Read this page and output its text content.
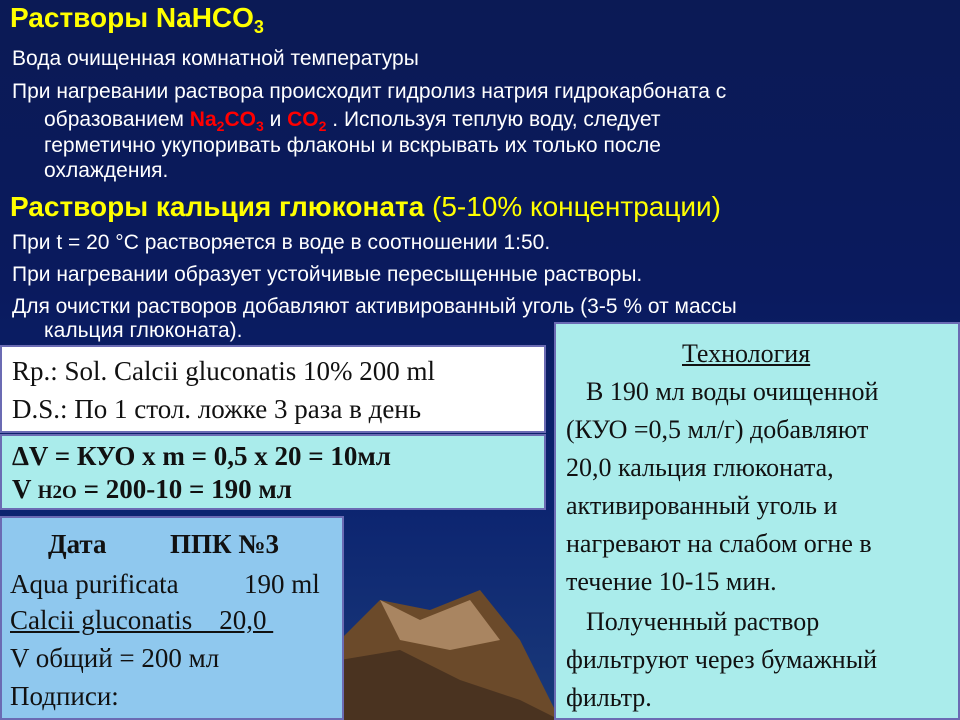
Растворы NaHCO$_3$
Вода очищенная комнатной температуры
При нагревании раствора происходит гидролиз натрия гидрокарбоната с
образованием $Na_2CO_3$ и $CO_2$ . Используя теплую воду, следует
герметично укупоривать флаконы и вскрывать их только после
охлаждения.
Растворы кальция глюконата (5-10% концентрации)
При t = 20 °С растворяется в воде в соотношении 1:50.
При нагревании образует устойчивые пересыщенные растворы.
Для очистки растворов добавляют активированный уголь (3-5 % от массы
кальция глюконата).
Rp.: Sol. Calcii gluconatis 10% 200 ml
D.S.: По 1 стол. ложке 3 раза в день
ΔV = КУО х m = 0,5 х 20 = 10мл
V H2O = 200-10 = 190 мл
Дата ППК №3
Aqua purificata 190 ml
Calcii gluconatis    20,0
V общий = 200 мл
Подписи:
Технология
В 190 мл воды очищенной
(КУО =0,5 мл/г) добавляют
20,0 кальция глюконата,
активированный уголь и
нагревают на слабом огне в
течение 10-15 мин.
Полученный раствор
фильтруют через бумажный
фильтр.
